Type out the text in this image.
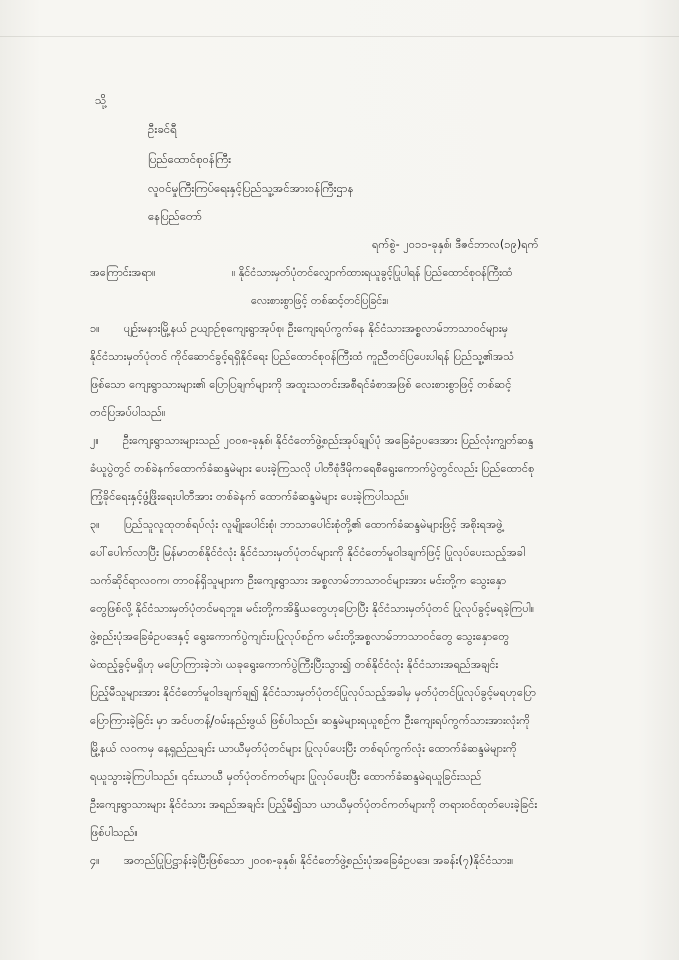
သို့
ဦးခင်ရီ
ပြည်ထောင်စုဝန်ကြီး
လူဝင်မှုကြီးကြပ်ရေးနှင့်ပြည်သူ့အင်အားဝန်ကြီးဌာန
နေပြည်တော်
ရက်စွဲ- ၂၀၁၁-ခုနှစ်၊ ဒီဇင်ဘာလ(၁၉)ရက်
အကြောင်းအရာ။	။ နိုင်ငံသားမှတ်ပုံတင်လျှောက်ထားရယူခွင့်ပြုပါရန် ပြည်ထောင်စုဝန်ကြီးထံ
လေးစားစွာဖြင့် တစ်ဆင့်တင်ပြခြင်း။
၁။ ပျဉ်းမနားမြို့နယ် ဥယျာဉ်စုကျေးရွာအုပ်စု၊ ဦးကျေးရပ်ကွက်နေ နိုင်ငံသားအစ္စလာမ်ဘာသာဝင်များမှ
နိုင်ငံသားမှတ်ပုံတင် ကိုင်ဆောင်ခွင့်ရရှိနိုင်ရေး ပြည်ထောင်စုဝန်ကြီးထံ ကူညီတင်ပြပေးပါရန် ပြည်သူ့၏အသံ
ဖြစ်သော ကျေးရွာသားများ၏ ပြောပြချက်များကို အထူးသတင်းအစီရင်ခံစာအဖြစ် လေးစားစွာဖြင့် တစ်ဆင့်
တင်ပြအပ်ပါသည်။
၂။ ဦးကျေးရွာသားများသည် ၂၀၀၈-ခုနှစ်၊ နိုင်ငံတော်ဖွဲ့စည်းအုပ်ချုပ်ပုံ အခြေခံဥပဒေအား ပြည်လုံးကျွတ်ဆန္ဒ
ခံယူပွဲတွင် တစ်ခဲနက်ထောက်ခံဆန္ဒမဲများ ပေးခဲ့ကြသလို ပါတီစုံဒီမိုကရေစီရွေးကောက်ပွဲတွင်လည်း ပြည်ထောင်စု
ကြံ့ခိုင်ရေးနှင့်ဖွံ့ဖြိုးရေးပါတီအား တစ်ခဲနက် ထောက်ခံဆန္ဒမဲများ ပေးခဲ့ကြပါသည်။
၃။ ပြည်သူလူထုတစ်ရပ်လုံး လူမျိုးပေါင်းစုံ၊ ဘာသာပေါင်းစုံတို့၏ ထောက်ခံဆန္ဒမဲများဖြင့် အစိုးရအဖွဲ့
ပေါ်ပေါက်လာပြီး မြန်မာတစ်နိုင်ငံလုံး နိုင်ငံသားမှတ်ပုံတင်များကို နိုင်ငံတော်မူဝါဒချက်ဖြင့် ပြုလုပ်ပေးသည့်အခါ
သက်ဆိုင်ရာလဝက၊ တာဝန်ရှိသူများက ဦးကျေးရွာသား အစ္စလာမ်ဘာသာဝင်များအား မင်းတို့က သွေးနှော
တွေဖြစ်လို့ နိုင်ငံသားမှတ်ပုံတင်မရဘူး။ မင်းတို့ကအိန္ဒိယတွေဟုပြောပြီး နိုင်ငံသားမှတ်ပုံတင် ပြုလုပ်ခွင့်မရခဲ့ကြပါ။
ဖွဲ့စည်းပုံအခြေခံဥပဒေနှင့် ရွေးကောက်ပွဲကျင်းပပြုလုပ်စဉ်က မင်းတို့အစ္စလာမ်ဘာသာဝင်တွေ သွေးနှောတွေ
မဲထည့်ခွင့်မရှိဟု မပြောကြားခဲ့ဘဲ၊ ယခုရွေးကောက်ပွဲကြီးပြီးသွား၍ တစ်နိုင်ငံလုံး နိုင်ငံသားအရည်အချင်း
ပြည့်မီသူများအား နိုင်ငံတော်မူဝါဒချက်ချ၍ နိုင်ငံသားမှတ်ပုံတင်ပြုလုပ်သည့်အခါမှ မှတ်ပုံတင်ပြုလုပ်ခွင့်မရဟုပြော
ပြောကြားခဲ့ခြင်း မှာ အင်ပတန့်/ဝမ်းနည်းဖွယ် ဖြစ်ပါသည်။ ဆန္ဒမဲများရယူစဉ်က ဦးကျေးရပ်ကွက်သားအားလုံးကို
မြို့နယ် လဝကမှ နေ့ရှည်ညချင်း ယာယီမှတ်ပုံတင်များ ပြုလုပ်ပေးပြီး တစ်ရပ်ကွက်လုံး ထောက်ခံဆန္ဒမဲများကို
ရယူသွားခဲ့ကြပါသည်။ ၎င်းယာယီ မှတ်ပုံတင်ကတ်များ ပြုလုပ်ပေးပြီး ထောက်ခံဆန္ဒမဲရယူခြင်းသည်
ဦးကျေးရွာသားများ နိုင်ငံသား အရည်အချင်း ပြည့်မီ၍သာ ယာယီမှတ်ပုံတင်ကတ်များကို တရားဝင်ထုတ်ပေးခဲ့ခြင်း
ဖြစ်ပါသည်။
၄။ အတည်ပြုပြဋ္ဌာန်းခဲ့ပြီးဖြစ်သော ၂၀၀၈-ခုနှစ်၊ နိုင်ငံတော်ဖွဲ့စည်းပုံအခြေခံဥပဒေ၊ အခန်း(၇)နိုင်ငံသား။
